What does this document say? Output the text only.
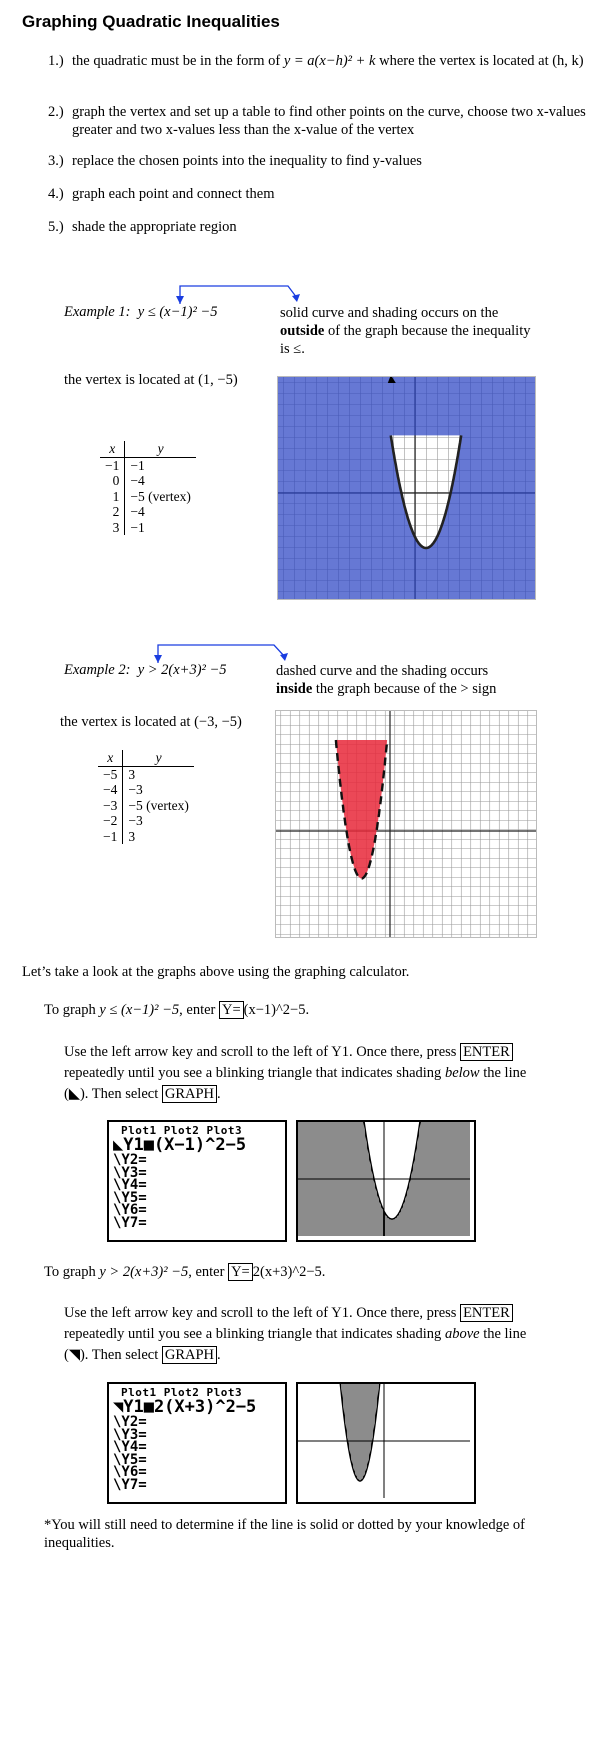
Graphing Quadratic Inequalities
1.) the quadratic must be in the form of y = a(x−h)² + k where the vertex is located at (h, k)
2.) graph the vertex and set up a table to find other points on the curve, choose two x-values greater and two x-values less than the x-value of the vertex
3.) replace the chosen points into the inequality to find y-values
4.) graph each point and connect them
5.) shade the appropriate region
Example 1: y ≤ (x−1)² −5	solid curve and shading occurs on the outside of the graph because the inequality is ≤.
the vertex is located at (1, −5)
x	y
−1	−1
0	−4
1	−5 (vertex)
2	−4
3	−1
Example 2: y > 2(x+3)² −5	dashed curve and the shading occurs
inside the graph because of the > sign
the vertex is located at (−3, −5)
x	y
−5	3
−4	−3
−3	−5 (vertex)
−2	−3
−1	3
Let’s take a look at the graphs above using the graphing calculator.
To graph y ≤ (x−1)² −5, enter Y= (x−1)^2−5.
Use the left arrow key and scroll to the left of Y1. Once there, press ENTER repeatedly until you see a blinking triangle that indicates shading below the line (◣). Then select GRAPH .
Plot1 Plot2 Plot3
◣Y1■(X−1)^2−5
\Y2=
\Y3=
\Y4=
\Y5=
\Y6=
\Y7=
To graph y > 2(x+3)² −5, enter Y= 2(x+3)^2−5.
Use the left arrow key and scroll to the left of Y1. Once there, press ENTER repeatedly until you see a blinking triangle that indicates shading above the line (◥). Then select GRAPH .
Plot1 Plot2 Plot3
◥Y1■2(X+3)^2−5
\Y2=
\Y3=
\Y4=
\Y5=
\Y6=
\Y7=
*You will still need to determine if the line is solid or dotted by your knowledge of inequalities.
